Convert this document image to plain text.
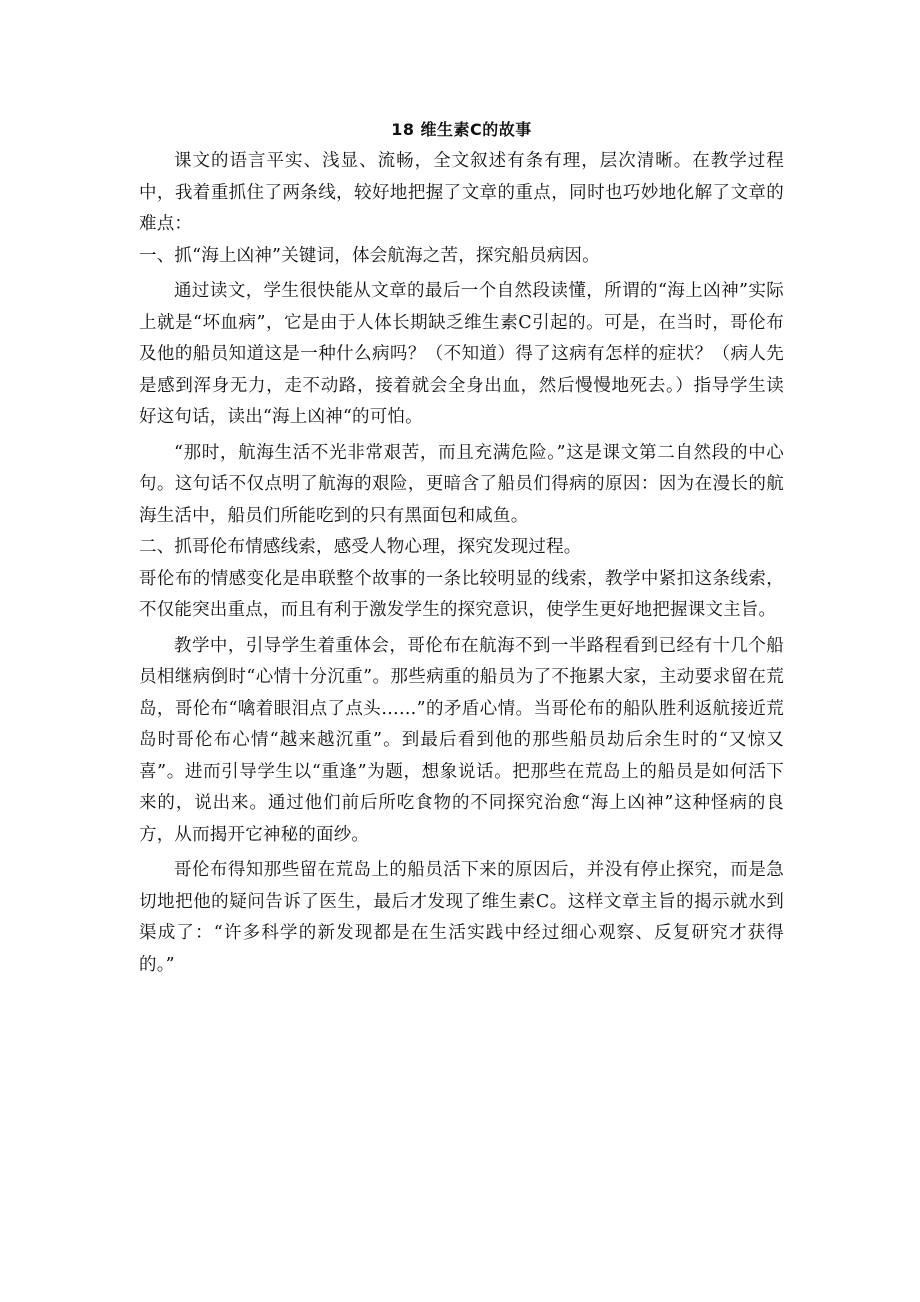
18 维生素C的故事

课文的语言平实、浅显、流畅，全文叙述有条有理，层次清晰。在教学过程中，我着重抓住了两条线，较好地把握了文章的重点，同时也巧妙地化解了文章的难点：

一、抓“海上凶神”关键词，体会航海之苦，探究船员病因。

通过读文，学生很快能从文章的最后一个自然段读懂，所谓的“海上凶神”实际上就是“坏血病”，它是由于人体长期缺乏维生素C引起的。可是，在当时，哥伦布及他的船员知道这是一种什么病吗？（不知道）得了这病有怎样的症状？（病人先是感到浑身无力，走不动路，接着就会全身出血，然后慢慢地死去。）指导学生读好这句话，读出“海上凶神“的可怕。

“那时，航海生活不光非常艰苦，而且充满危险。”这是课文第二自然段的中心句。这句话不仅点明了航海的艰险，更暗含了船员们得病的原因：因为在漫长的航海生活中，船员们所能吃到的只有黑面包和咸鱼。

二、抓哥伦布情感线索，感受人物心理，探究发现过程。

哥伦布的情感变化是串联整个故事的一条比较明显的线索，教学中紧扣这条线索，不仅能突出重点，而且有利于激发学生的探究意识，使学生更好地把握课文主旨。

教学中，引导学生着重体会，哥伦布在航海不到一半路程看到已经有十几个船员相继病倒时“心情十分沉重”。那些病重的船员为了不拖累大家，主动要求留在荒岛，哥伦布“噙着眼泪点了点头……”的矛盾心情。当哥伦布的船队胜利返航接近荒岛时哥伦布心情“越来越沉重”。到最后看到他的那些船员劫后余生时的“又惊又喜”。进而引导学生以“重逢”为题，想象说话。把那些在荒岛上的船员是如何活下来的，说出来。通过他们前后所吃食物的不同探究治愈“海上凶神”这种怪病的良方，从而揭开它神秘的面纱。

哥伦布得知那些留在荒岛上的船员活下来的原因后，并没有停止探究，而是急切地把他的疑问告诉了医生，最后才发现了维生素C。这样文章主旨的揭示就水到渠成了：“许多科学的新发现都是在生活实践中经过细心观察、反复研究才获得的。”
